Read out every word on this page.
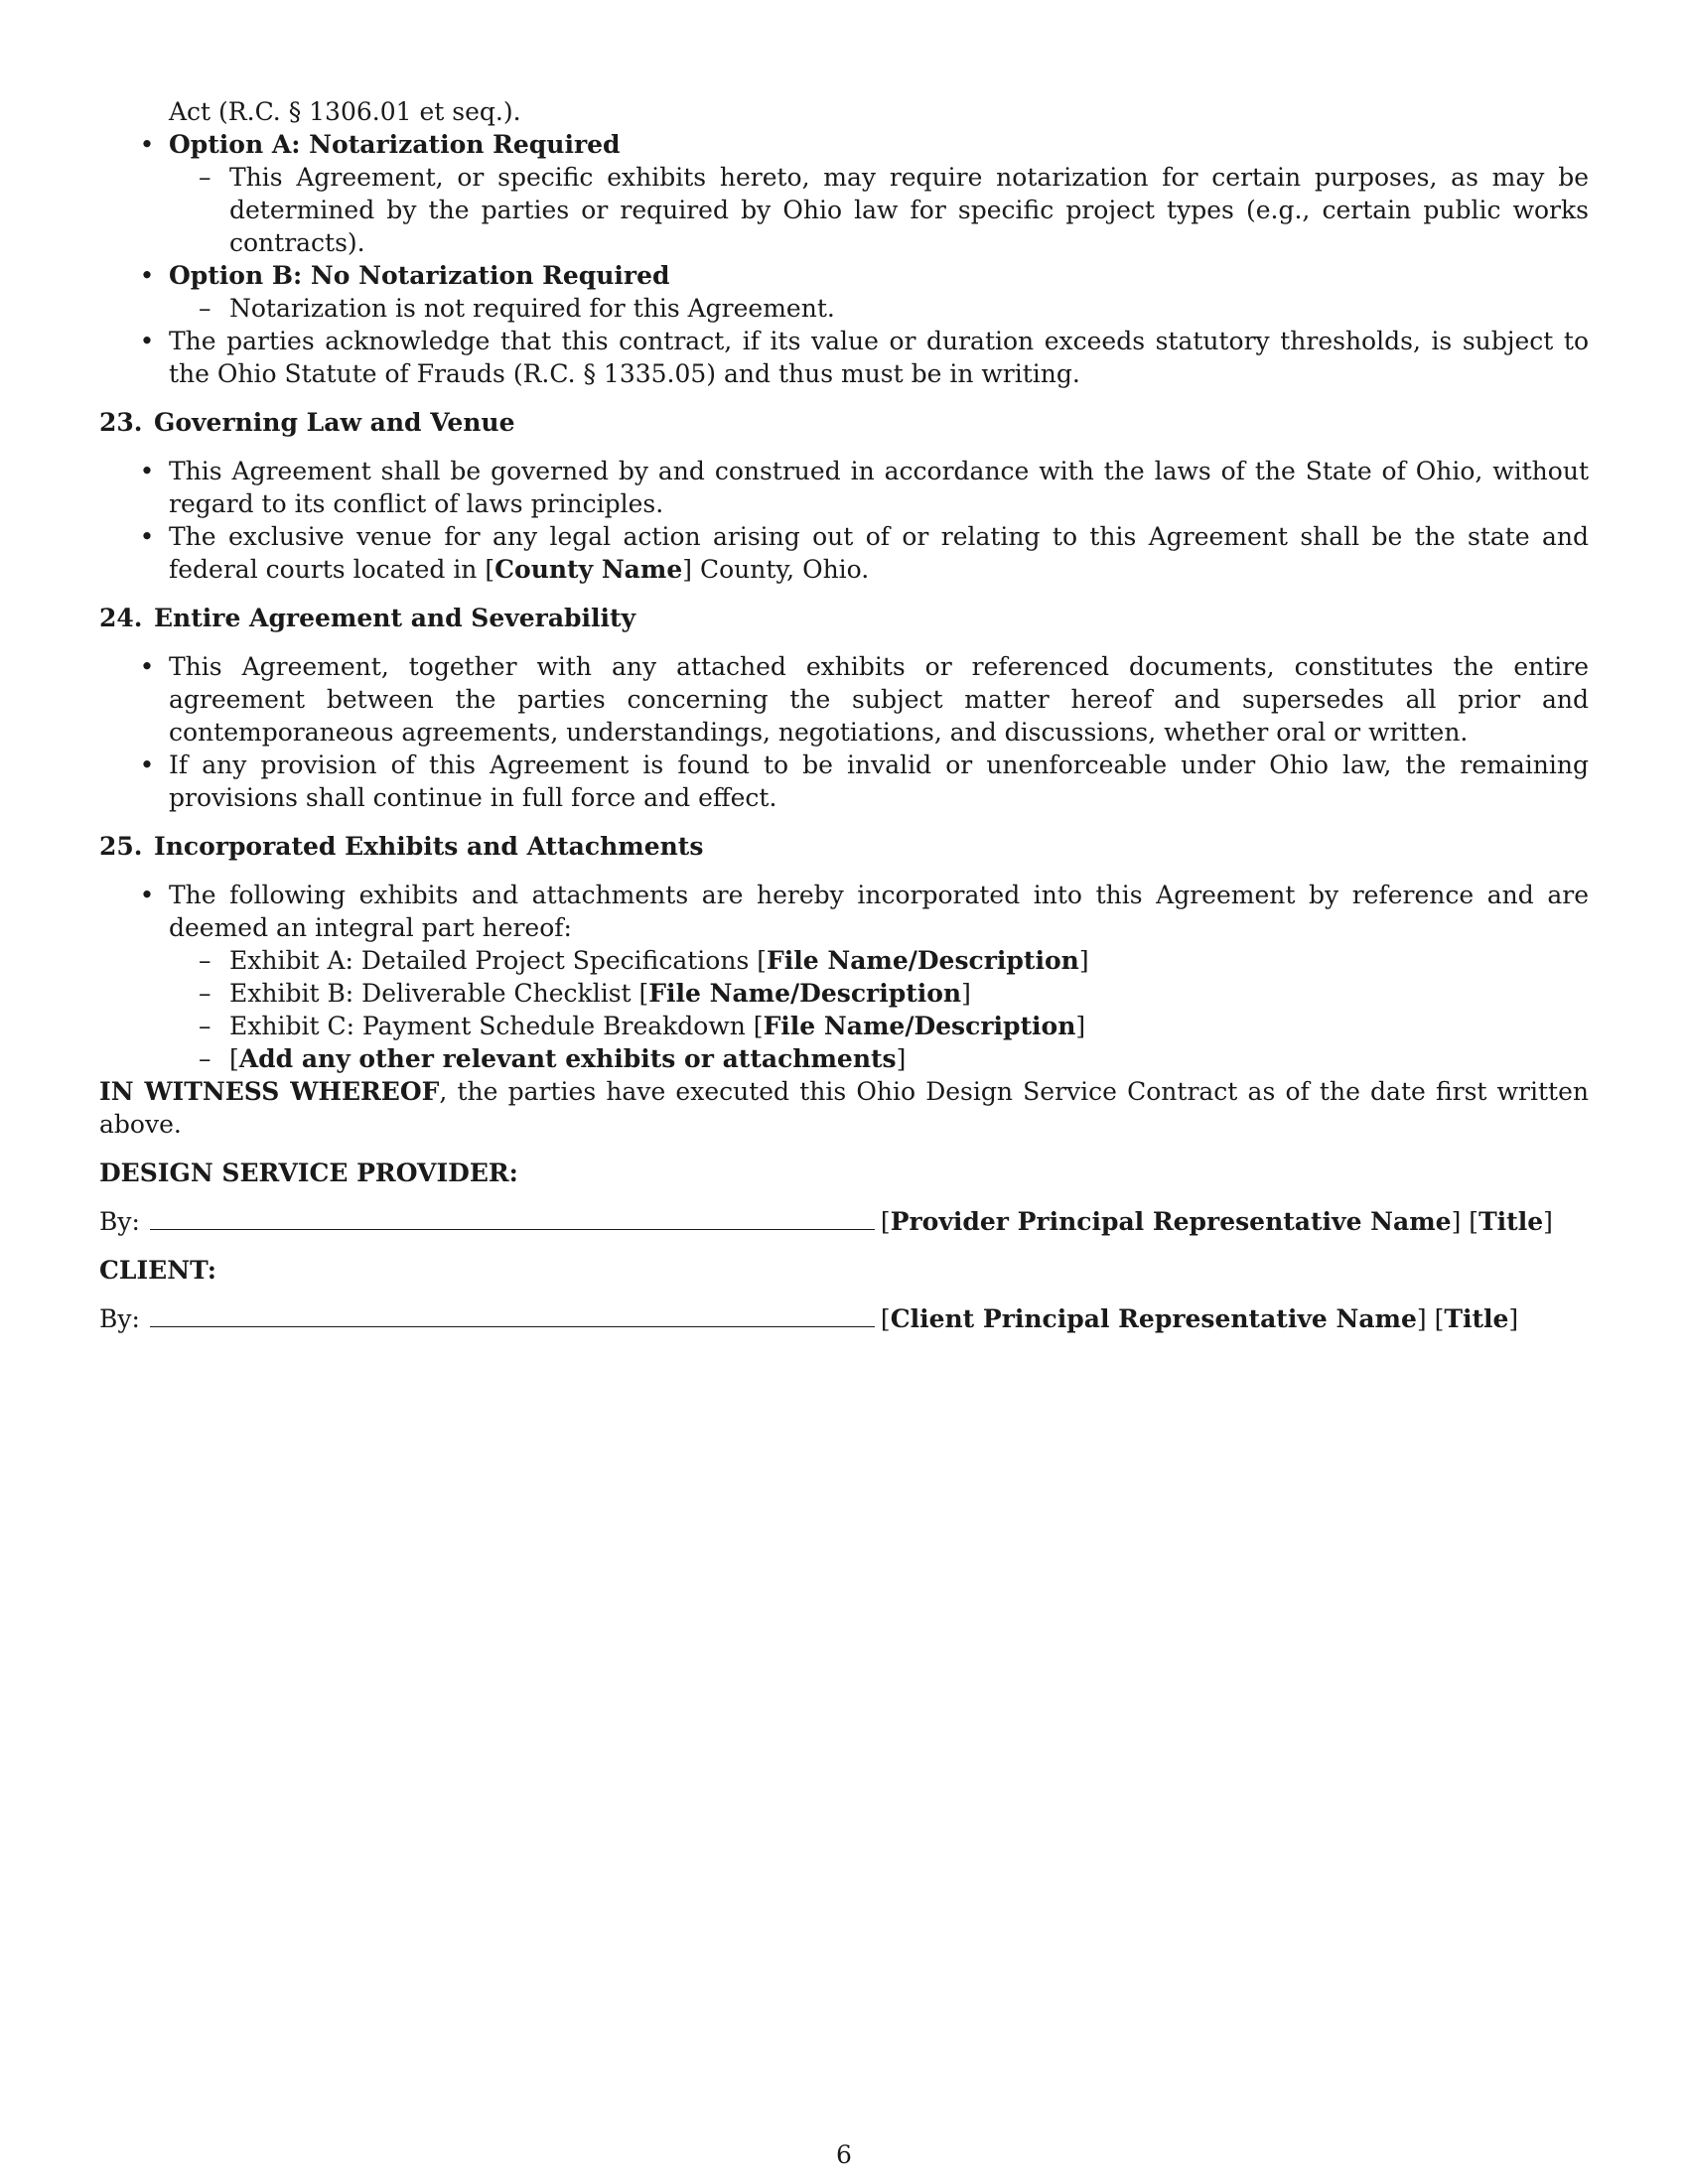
Act (R.C. § 1306.01 et seq.).
• Option A: Notarization Required
– This Agreement, or specific exhibits hereto, may require notarization for certain purposes, as may be determined by the parties or required by Ohio law for specific project types (e.g., certain public works contracts).
• Option B: No Notarization Required
– Notarization is not required for this Agreement.
• The parties acknowledge that this contract, if its value or duration exceeds statutory thresholds, is subject to the Ohio Statute of Frauds (R.C. § 1335.05) and thus must be in writing.
23. Governing Law and Venue
• This Agreement shall be governed by and construed in accordance with the laws of the State of Ohio, without regard to its conflict of laws principles.
• The exclusive venue for any legal action arising out of or relating to this Agreement shall be the state and federal courts located in [County Name] County, Ohio.
24. Entire Agreement and Severability
• This Agreement, together with any attached exhibits or referenced documents, constitutes the entire agreement between the parties concerning the subject matter hereof and supersedes all prior and contemporaneous agreements, understandings, negotiations, and discussions, whether oral or written.
• If any provision of this Agreement is found to be invalid or unenforceable under Ohio law, the remaining provisions shall continue in full force and effect.
25. Incorporated Exhibits and Attachments
• The following exhibits and attachments are hereby incorporated into this Agreement by reference and are deemed an integral part hereof:
– Exhibit A: Detailed Project Specifications [File Name/Description]
– Exhibit B: Deliverable Checklist [File Name/Description]
– Exhibit C: Payment Schedule Breakdown [File Name/Description]
– [Add any other relevant exhibits or attachments]
IN WITNESS WHEREOF, the parties have executed this Ohio Design Service Contract as of the date first written above.
DESIGN SERVICE PROVIDER:
By:	[Provider Principal Representative Name] [Title]
CLIENT:
By:	[Client Principal Representative Name] [Title]
6
